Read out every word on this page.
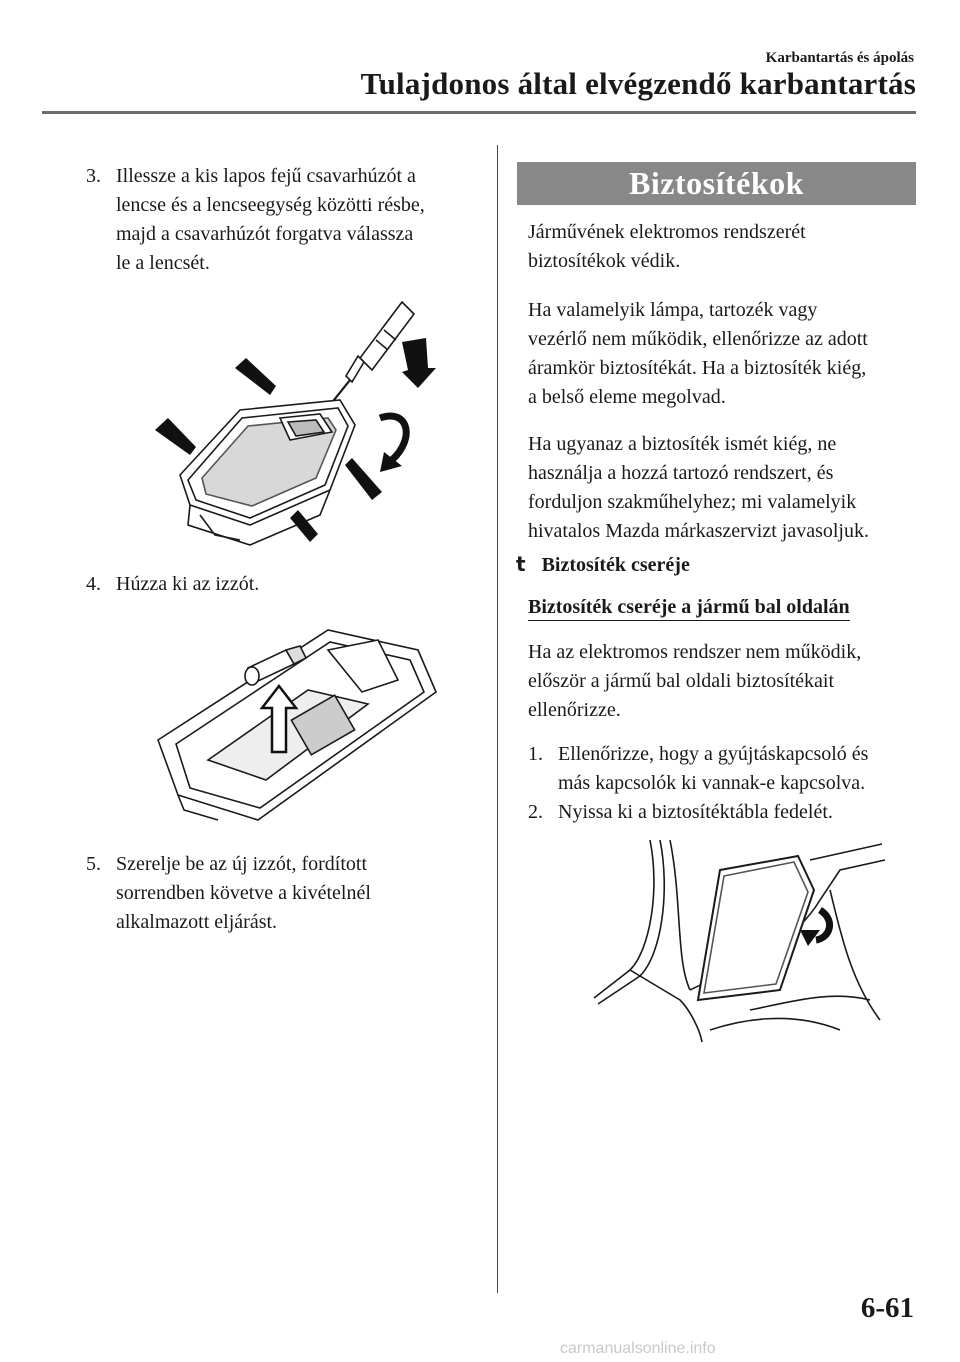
Karbantartás és ápolás
Tulajdonos által elvégzendő karbantartás
3. Illessze a kis lapos fejű csavarhúzót a
lencse és a lencseegység közötti résbe,
majd a csavarhúzót forgatva válassza
le a lencsét.
4. Húzza ki az izzót.
5. Szerelje be az új izzót, fordított
sorrendben követve a kivételnél
alkalmazott eljárást.
Biztosítékok
Járművének elektromos rendszerét
biztosítékok védik.
Ha valamelyik lámpa, tartozék vagy
vezérlő nem működik, ellenőrizze az adott
áramkör biztosítékát. Ha a biztosíték kiég,
a belső eleme megolvad.
Ha ugyanaz a biztosíték ismét kiég, ne
használja a hozzá tartozó rendszert, és
forduljon szakműhelyhez; mi valamelyik
hivatalos Mazda márkaszervizt javasoljuk.
t Biztosíték cseréje
Biztosíték cseréje a jármű bal oldalán
Ha az elektromos rendszer nem működik,
először a jármű bal oldali biztosítékait
ellenőrizze.
1. Ellenőrizze, hogy a gyújtáskapcsoló és
más kapcsolók ki vannak-e kapcsolva.
2. Nyissa ki a biztosítéktábla fedelét.
6-61
carmanualsonline.info
